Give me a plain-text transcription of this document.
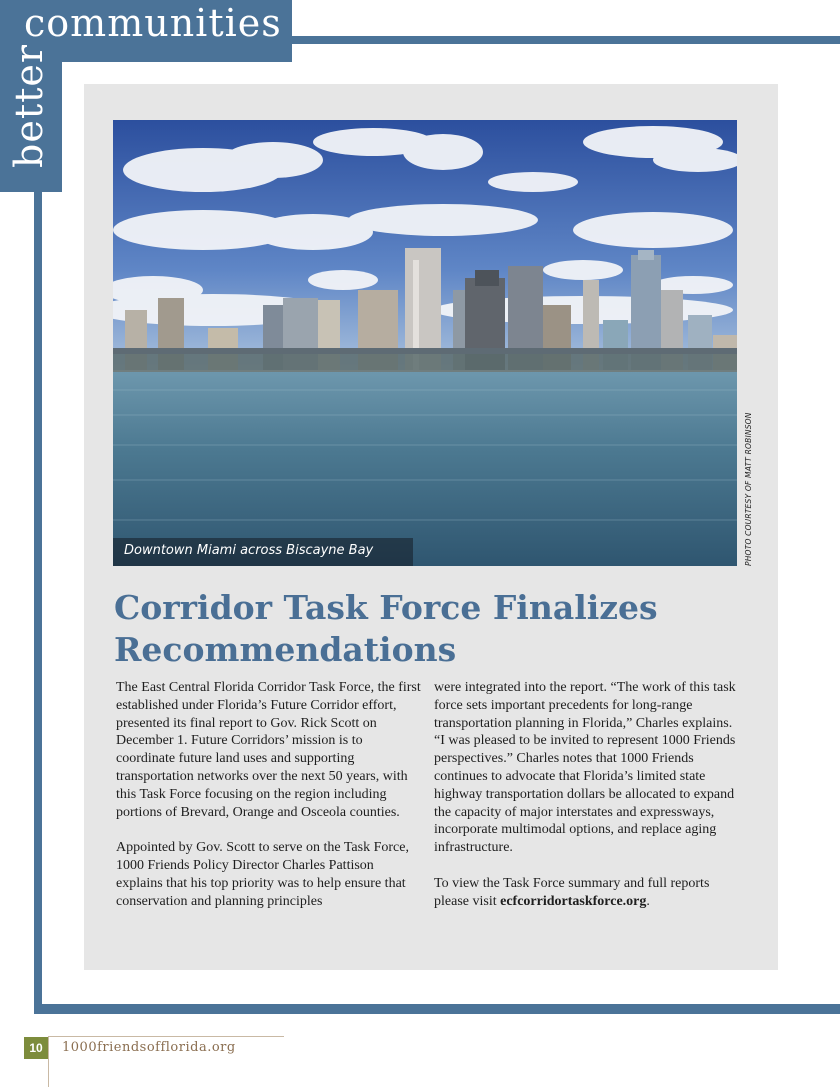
communities
better
Downtown Miami across Biscayne Bay	PHOTO COURTESY OF MATT ROBINSON
Corridor Task Force Finalizes Recommendations

The East Central Florida Corridor Task Force, the first established under Florida’s Future Corridor effort, presented its final report to Gov. Rick Scott on December 1. Future Corridors’ mission is to coordinate future land uses and supporting transportation networks over the next 50 years, with this Task Force focusing on the region including portions of Brevard, Orange and Osceola counties.

Appointed by Gov. Scott to serve on the Task Force, 1000 Friends Policy Director Charles Pattison explains that his top priority was to help ensure that conservation and planning principles

were integrated into the report. “The work of this task force sets important precedents for long-range transportation planning in Florida,” Charles explains. “I was pleased to be invited to represent 1000 Friends perspectives.” Charles notes that 1000 Friends continues to advocate that Florida’s limited state highway transportation dollars be allocated to expand the capacity of major interstates and expressways, incorporate multimodal options, and replace aging infrastructure.

To view the Task Force summary and full reports please visit ecfcorridortaskforce.org.

10	1000friendsofflorida.org
